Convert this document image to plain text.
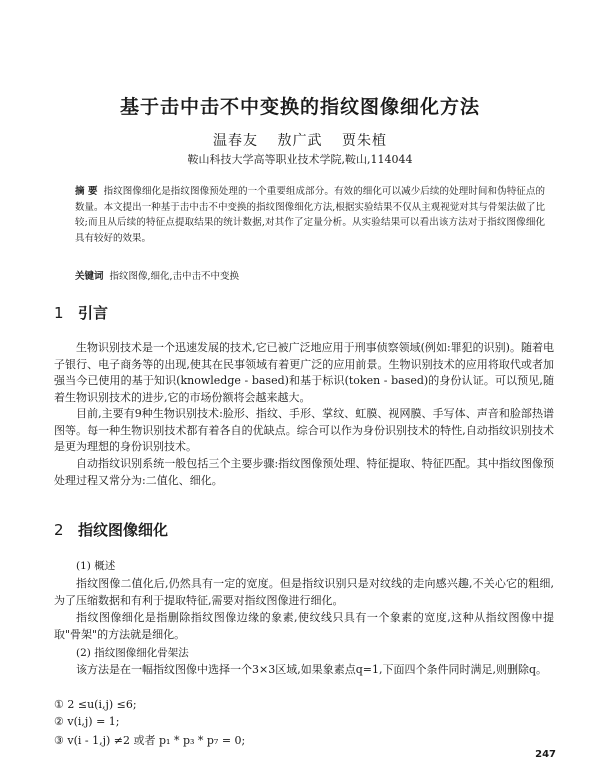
基于击中击不中变换的指纹图像细化方法
温春友 敖广武 贾朱植
鞍山科技大学高等职业技术学院,鞍山,114044

摘 要 指纹图像细化是指纹图像预处理的一个重要组成部分。有效的细化可以减少后续的处理时间和伪特征点的数量。本文提出一种基于击中击不中变换的指纹图像细化方法,根据实验结果不仅从主观视觉对其与骨架法做了比较;而且从后续的特征点提取结果的统计数据,对其作了定量分析。从实验结果可以看出该方法对于指纹图像细化具有较好的效果。

关键词 指纹图像,细化,击中击不中变换

1 引言

生物识别技术是一个迅速发展的技术,它已被广泛地应用于刑事侦察领域(例如:罪犯的识别)。随着电子银行、电子商务等的出现,使其在民事领域有着更广泛的应用前景。生物识别技术的应用将取代或者加强当今已使用的基于知识(knowledge - based)和基于标识(token - based)的身份认证。可以预见,随着生物识别技术的进步,它的市场份额将会越来越大。

目前,主要有9种生物识别技术:脸形、指纹、手形、掌纹、虹膜、视网膜、手写体、声音和脸部热谱图等。每一种生物识别技术都有着各自的优缺点。综合可以作为身份识别技术的特性,自动指纹识别技术是更为理想的身份识别技术。

自动指纹识别系统一般包括三个主要步骤:指纹图像预处理、特征提取、特征匹配。其中指纹图像预处理过程又常分为:二值化、细化。

2 指纹图像细化

(1) 概述

指纹图像二值化后,仍然具有一定的宽度。但是指纹识别只是对纹线的走向感兴趣,不关心它的粗细,为了压缩数据和有利于提取特征,需要对指纹图像进行细化。

指纹图像细化是指删除指纹图像边缘的象素,使纹线只具有一个象素的宽度,这种从指纹图像中提取"骨架"的方法就是细化。

(2) 指纹图像细化骨架法

该方法是在一幅指纹图像中选择一个3×3区域,如果象素点q=1,下面四个条件同时满足,则删除q。

① 2 ≤u(i,j) ≤6;

② v(i,j) = 1;

③ v(i - 1,j) ≠2 或者 p₁ * p₃ * p₇ = 0;

247
